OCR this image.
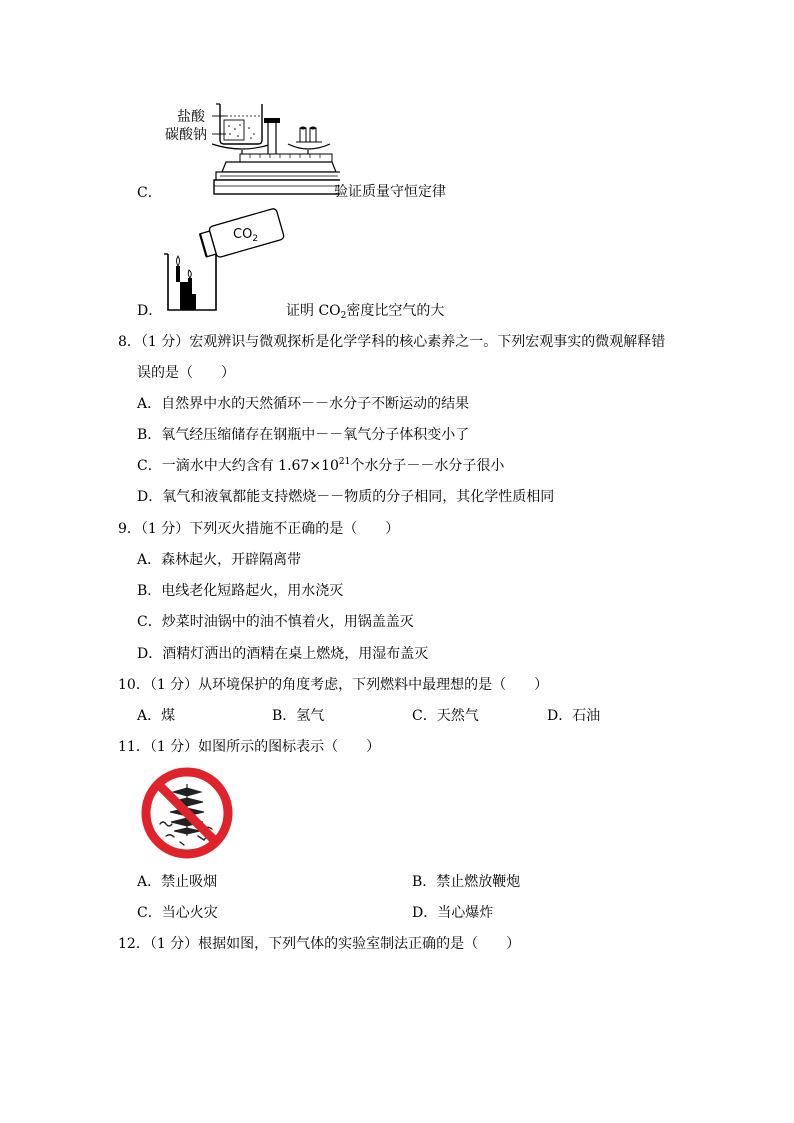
盐酸
碳酸钠
C．	验证质量守恒定律
$CO_2$
D．	证明 $CO_2$密度比空气的大
8．（1 分）宏观辨识与微观探析是化学学科的核心素养之一。下列宏观事实的微观解释错
误的是（　　）
A．自然界中水的天然循环－－水分子不断运动的结果
B．氧气经压缩储存在钢瓶中－－氧气分子体积变小了
C．一滴水中大约含有 $1.67\times 10^{21}$个水分子－－水分子很小
D．氧气和液氧都能支持燃烧－－物质的分子相同，其化学性质相同
9．（1 分）下列灭火措施不正确的是（　　）
A．森林起火，开辟隔离带
B．电线老化短路起火，用水浇灭
C．炒菜时油锅中的油不慎着火，用锅盖盖灭
D．酒精灯洒出的酒精在桌上燃烧，用湿布盖灭
10．（1 分）从环境保护的角度考虑，下列燃料中最理想的是（　　）
A．煤	B．氢气	C．天然气	D．石油
11．（1 分）如图所示的图标表示（　　）
A．禁止吸烟	B．禁止燃放鞭炮
C．当心火灾	D．当心爆炸
12．（1 分）根据如图，下列气体的实验室制法正确的是（　　）
